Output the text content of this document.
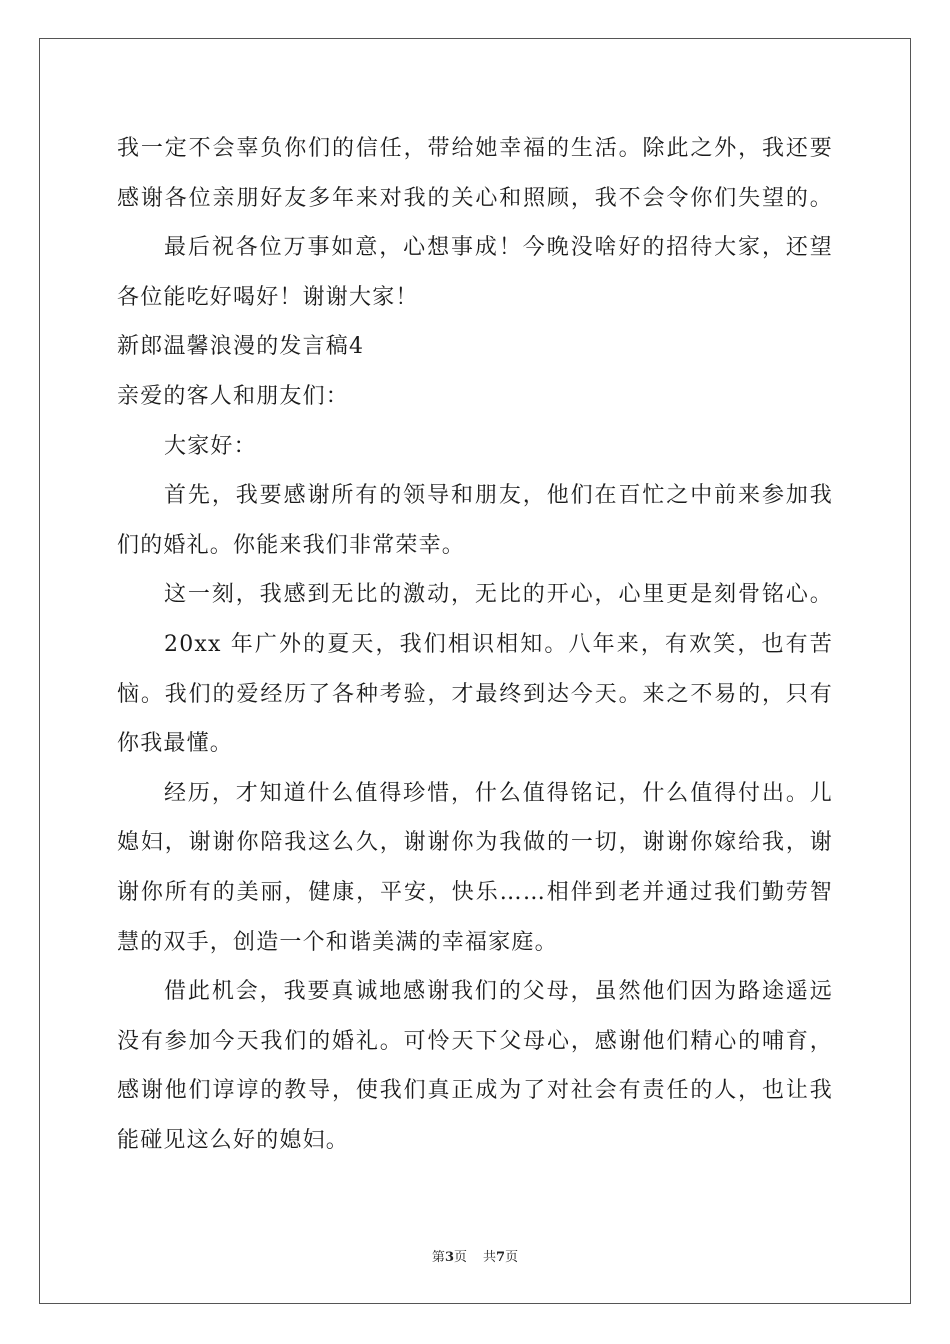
我一定不会辜负你们的信任，带给她幸福的生活。除此之外，我还要
感谢各位亲朋好友多年来对我的关心和照顾，我不会令你们失望的。
最后祝各位万事如意，心想事成！今晚没啥好的招待大家，还望
各位能吃好喝好！谢谢大家！
新郎温馨浪漫的发言稿4
亲爱的客人和朋友们：
大家好：
首先，我要感谢所有的领导和朋友，他们在百忙之中前来参加我
们的婚礼。你能来我们非常荣幸。
这一刻，我感到无比的激动，无比的开心，心里更是刻骨铭心。
20xx 年广外的夏天，我们相识相知。八年来，有欢笑，也有苦
恼。我们的爱经历了各种考验，才最终到达今天。来之不易的，只有
你我最懂。
经历，才知道什么值得珍惜，什么值得铭记，什么值得付出。儿
媳妇，谢谢你陪我这么久，谢谢你为我做的一切，谢谢你嫁给我，谢
谢你所有的美丽，健康，平安，快乐……相伴到老并通过我们勤劳智
慧的双手，创造一个和谐美满的幸福家庭。
借此机会，我要真诚地感谢我们的父母，虽然他们因为路途遥远
没有参加今天我们的婚礼。可怜天下父母心，感谢他们精心的哺育，
感谢他们谆谆的教导，使我们真正成为了对社会有责任的人，也让我
能碰见这么好的媳妇。
第3页 共7页
